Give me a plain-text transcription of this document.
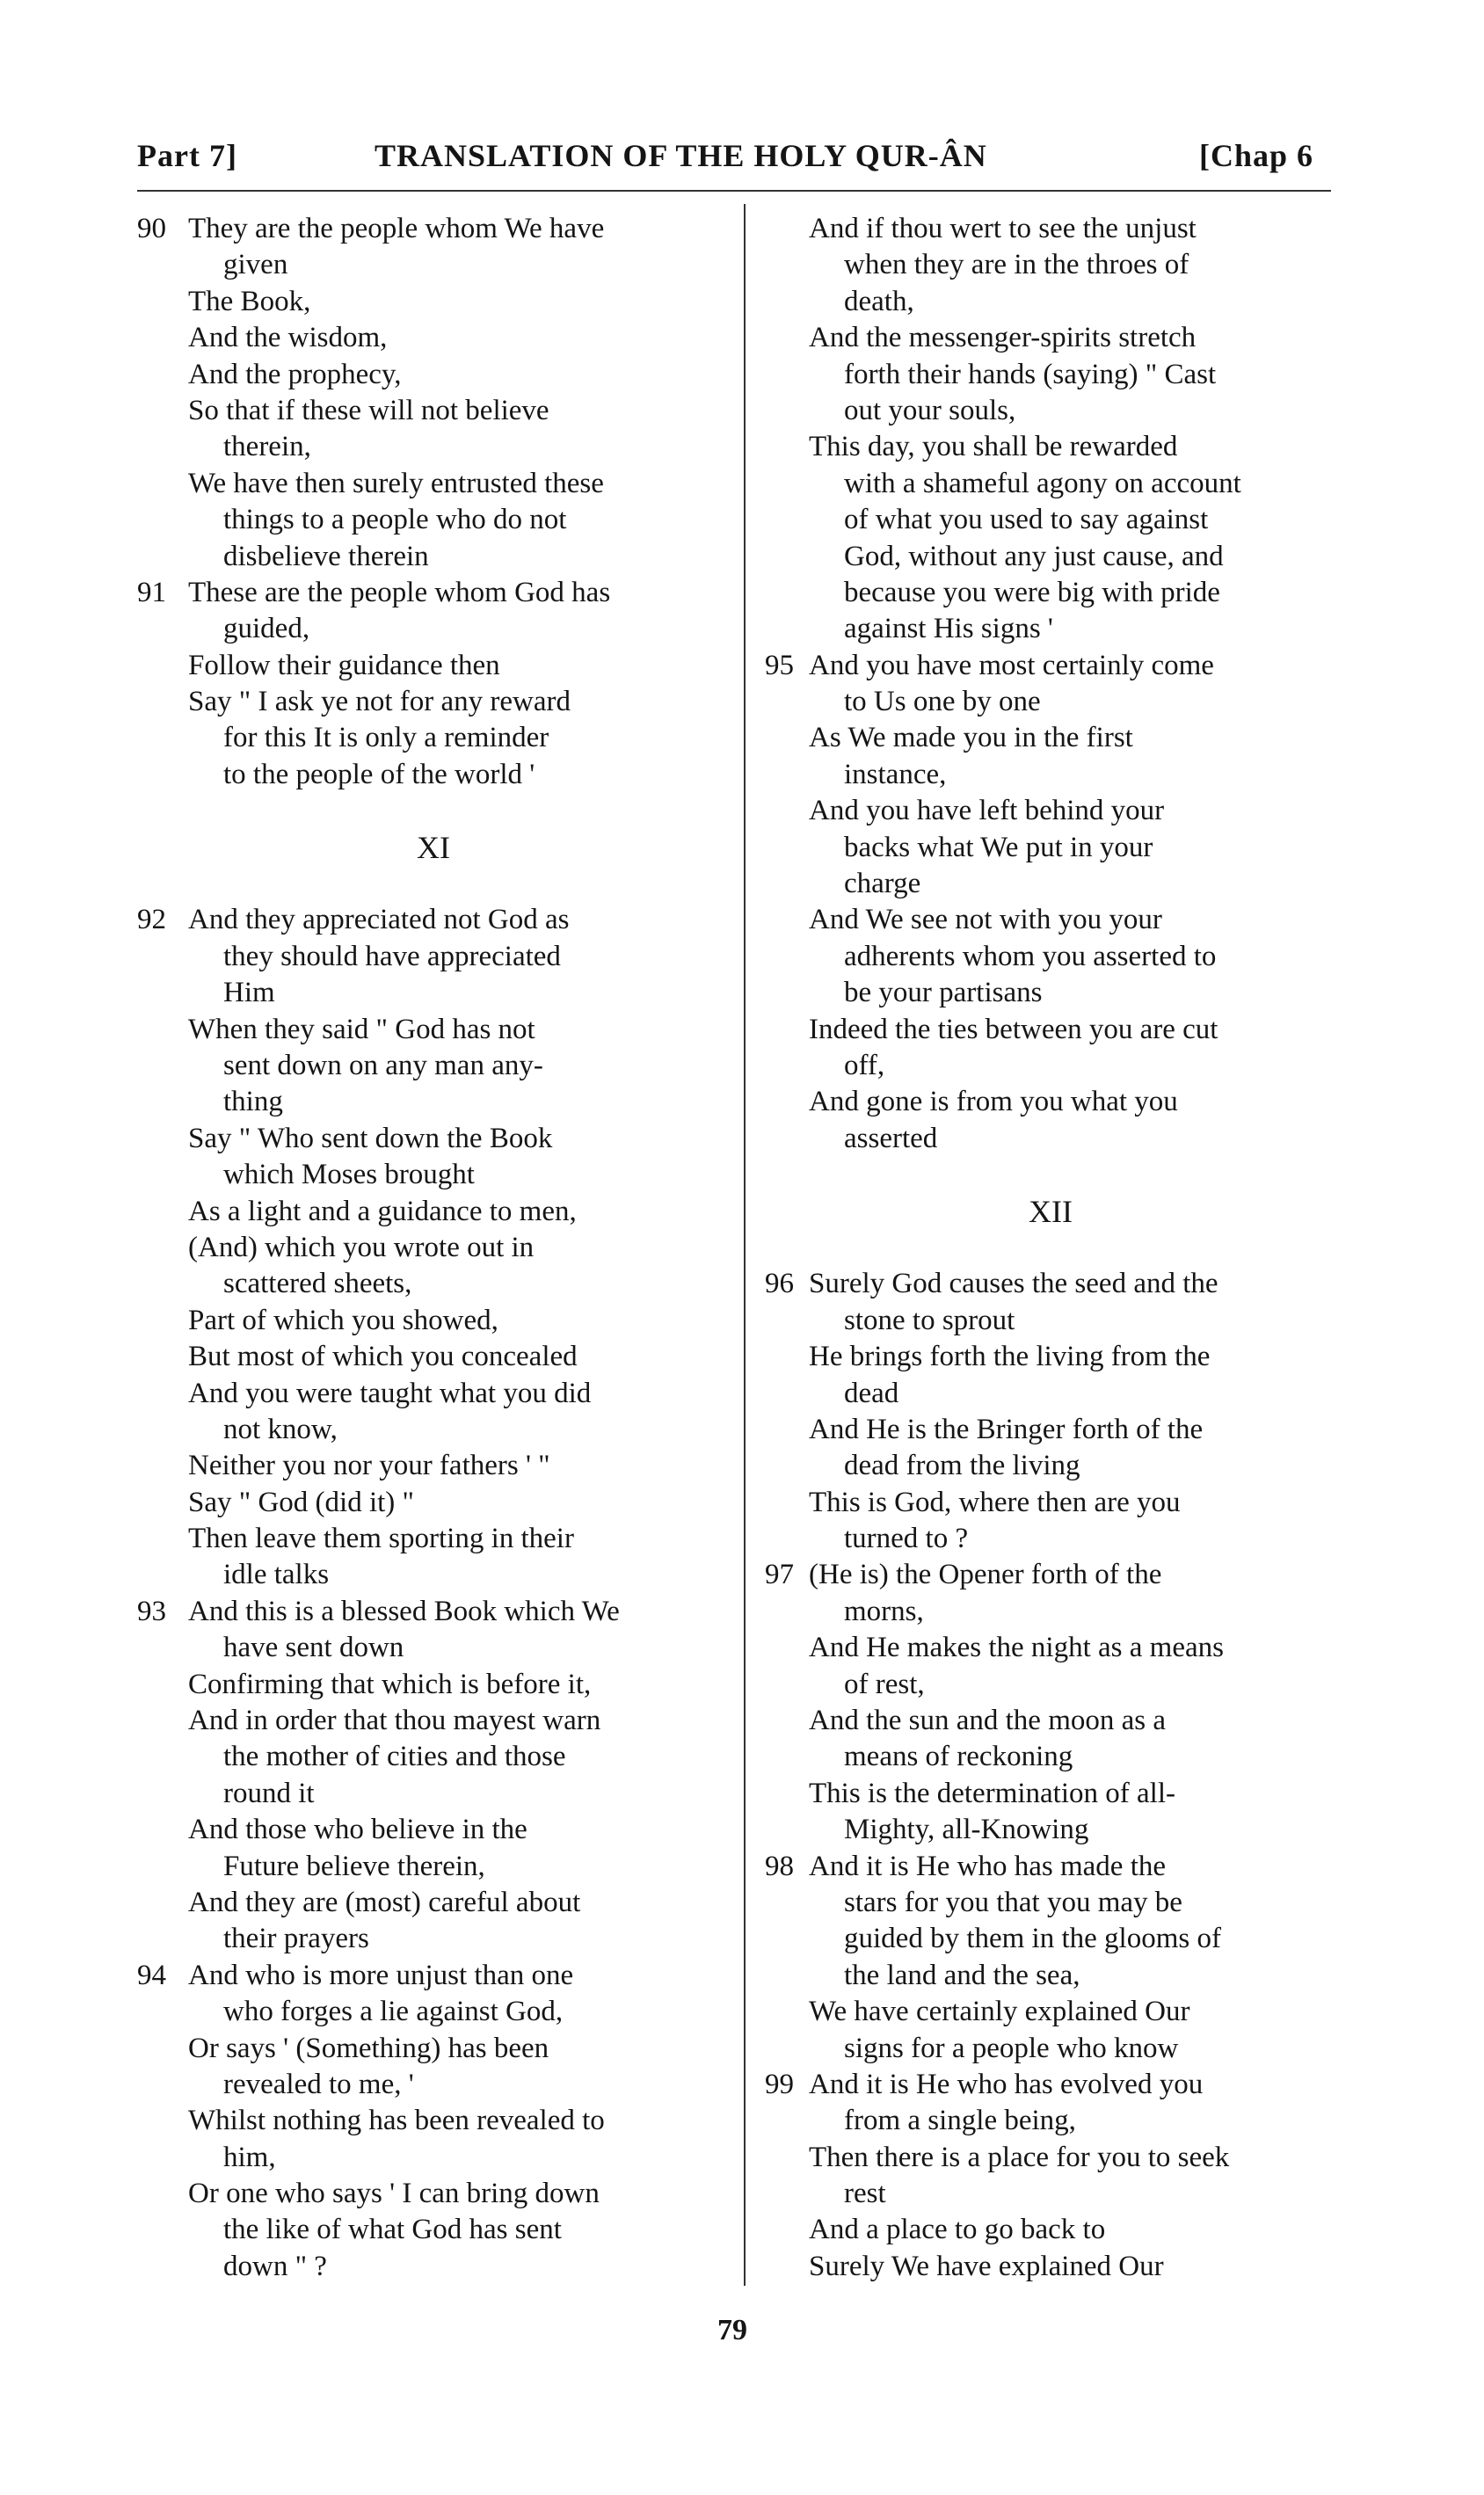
Part 7]	TRANSLATION OF THE HOLY QUR-ÂN	[Chap 6
90 They are the people whom We have
given
The Book,
And the wisdom,
And the prophecy,
So that if these will not believe
therein,
We have then surely entrusted these
things to a people who do not
disbelieve therein
91 These are the people whom God has
guided,
Follow their guidance then
Say " I ask ye not for any reward
for this It is only a reminder
to the people of the world '
XI
92 And they appreciated not God as
they should have appreciated
Him
When they said " God has not
sent down on any man any-
thing
Say " Who sent down the Book
which Moses brought
As a light and a guidance to men,
(And) which you wrote out in
scattered sheets,
Part of which you showed,
But most of which you concealed
And you were taught what you did
not know,
Neither you nor your fathers ' "
Say " God (did it) "
Then leave them sporting in their
idle talks
93 And this is a blessed Book which We
have sent down
Confirming that which is before it,
And in order that thou mayest warn
the mother of cities and those
round it
And those who believe in the
Future believe therein,
And they are (most) careful about
their prayers
94 And who is more unjust than one
who forges a lie against God,
Or says ' (Something) has been
revealed to me, '
Whilst nothing has been revealed to
him,
Or one who says ' I can bring down
the like of what God has sent
down " ?
And if thou wert to see the unjust
when they are in the throes of
death,
And the messenger-spirits stretch
forth their hands (saying) " Cast
out your souls,
This day, you shall be rewarded
with a shameful agony on account
of what you used to say against
God, without any just cause, and
because you were big with pride
against His signs '
95 And you have most certainly come
to Us one by one
As We made you in the first
instance,
And you have left behind your
backs what We put in your
charge
And We see not with you your
adherents whom you asserted to
be your partisans
Indeed the ties between you are cut
off,
And gone is from you what you
asserted
XII
96 Surely God causes the seed and the
stone to sprout
He brings forth the living from the
dead
And He is the Bringer forth of the
dead from the living
This is God, where then are you
turned to ?
97 (He is) the Opener forth of the
morns,
And He makes the night as a means
of rest,
And the sun and the moon as a
means of reckoning
This is the determination of all-
Mighty, all-Knowing
98 And it is He who has made the
stars for you that you may be
guided by them in the glooms of
the land and the sea,
We have certainly explained Our
signs for a people who know
99 And it is He who has evolved you
from a single being,
Then there is a place for you to seek
rest
And a place to go back to
Surely We have explained Our
79
